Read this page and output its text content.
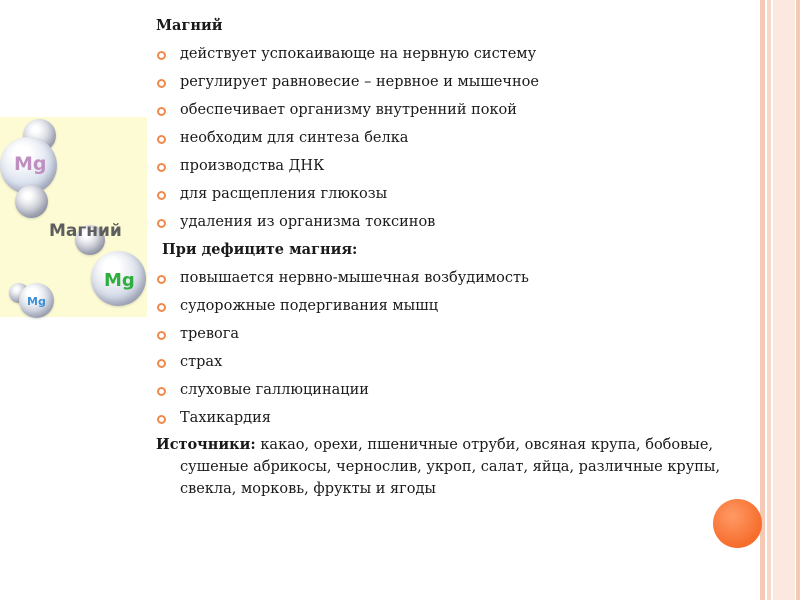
Mg
Mg
Mg
Магний
Магний
действует успокаивающе на нервную систему
регулирует равновесие – нервное и мышечное
обеспечивает организму внутренний покой
необходим для синтеза белка
производства ДНК
для расщепления глюкозы
удаления из организма токсинов
При дефиците магния:
повышается нервно-мышечная возбудимость
судорожные подергивания мышц
тревога
страх
слуховые галлюцинации
Тахикардия
Источники: какао, орехи, пшеничные отруби, овсяная крупа, бобовые, сушеные абрикосы, чернослив, укроп, салат, яйца, различные крупы, свекла, морковь, фрукты и ягоды
